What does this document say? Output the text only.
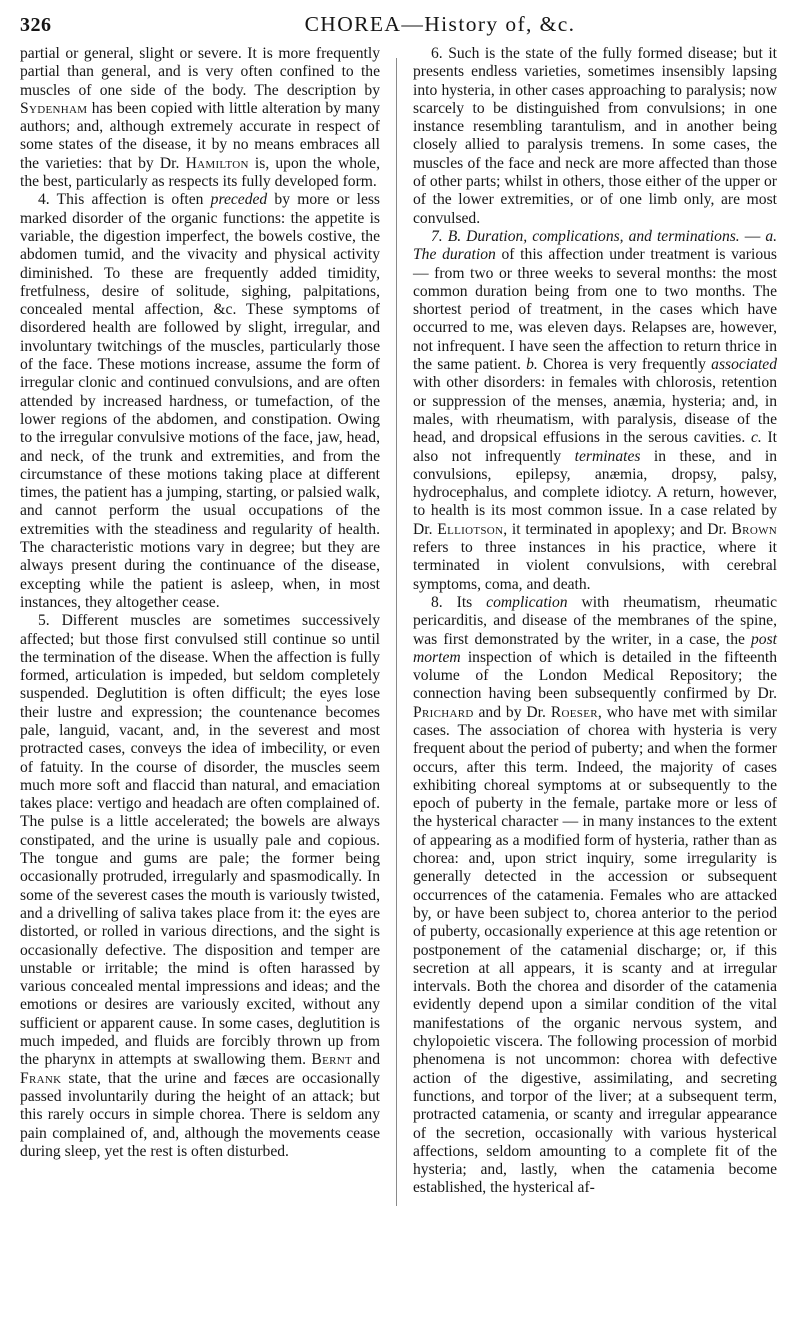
326	CHOREA—History of, &c.

partial or general, slight or severe. It is more frequently partial than general, and is very often confined to the muscles of one side of the body. The description by Sydenham has been copied with little alteration by many authors; and, although extremely accurate in respect of some states of the disease, it by no means embraces all the varieties: that by Dr. Hamilton is, upon the whole, the best, particularly as respects its fully developed form.

4. This affection is often preceded by more or less marked disorder of the organic functions: the appetite is variable, the digestion imperfect, the bowels costive, the abdomen tumid, and the vivacity and physical activity diminished. To these are frequently added timidity, fretfulness, desire of solitude, sighing, palpitations, concealed mental affection, &c. These symptoms of disordered health are followed by slight, irregular, and involuntary twitchings of the muscles, particularly those of the face. These motions increase, assume the form of irregular clonic and continued convulsions, and are often attended by increased hardness, or tumefaction, of the lower regions of the abdomen, and constipation. Owing to the irregular convulsive motions of the face, jaw, head, and neck, of the trunk and extremities, and from the circumstance of these motions taking place at different times, the patient has a jumping, starting, or palsied walk, and cannot perform the usual occupations of the extremities with the steadiness and regularity of health. The characteristic motions vary in degree; but they are always present during the continuance of the disease, excepting while the patient is asleep, when, in most instances, they altogether cease.

5. Different muscles are sometimes successively affected; but those first convulsed still continue so until the termination of the disease. When the affection is fully formed, articulation is impeded, but seldom completely suspended. Deglutition is often difficult; the eyes lose their lustre and expression; the countenance becomes pale, languid, vacant, and, in the severest and most protracted cases, conveys the idea of imbecility, or even of fatuity. In the course of disorder, the muscles seem much more soft and flaccid than natural, and emaciation takes place: vertigo and headach are often complained of. The pulse is a little accelerated; the bowels are always constipated, and the urine is usually pale and copious. The tongue and gums are pale; the former being occasionally protruded, irregularly and spasmodically. In some of the severest cases the mouth is variously twisted, and a drivelling of saliva takes place from it: the eyes are distorted, or rolled in various directions, and the sight is occasionally defective. The disposition and temper are unstable or irritable; the mind is often harassed by various concealed mental impressions and ideas; and the emotions or desires are variously excited, without any sufficient or apparent cause. In some cases, deglutition is much impeded, and fluids are forcibly thrown up from the pharynx in attempts at swallowing them. Bernt and Frank state, that the urine and fæces are occasionally passed involuntarily during the height of an attack; but this rarely occurs in simple chorea. There is seldom any pain complained of, and, although the movements cease during sleep, yet the rest is often disturbed.

6. Such is the state of the fully formed disease; but it presents endless varieties, sometimes insensibly lapsing into hysteria, in other cases approaching to paralysis; now scarcely to be distinguished from convulsions; in one instance resembling tarantulism, and in another being closely allied to paralysis tremens. In some cases, the muscles of the face and neck are more affected than those of other parts; whilst in others, those either of the upper or of the lower extremities, or of one limb only, are most convulsed.

7. B. Duration, complications, and terminations. — a. The duration of this affection under treatment is various — from two or three weeks to several months: the most common duration being from one to two months. The shortest period of treatment, in the cases which have occurred to me, was eleven days. Relapses are, however, not infrequent. I have seen the affection to return thrice in the same patient. b. Chorea is very frequently associated with other disorders: in females with chlorosis, retention or suppression of the menses, anæmia, hysteria; and, in males, with rheumatism, with paralysis, disease of the head, and dropsical effusions in the serous cavities. c. It also not infrequently terminates in these, and in convulsions, epilepsy, anæmia, dropsy, palsy, hydrocephalus, and complete idiotcy. A return, however, to health is its most common issue. In a case related by Dr. Elliotson, it terminated in apoplexy; and Dr. Brown refers to three instances in his practice, where it terminated in violent convulsions, with cerebral symptoms, coma, and death.

8. Its complication with rheumatism, rheumatic pericarditis, and disease of the membranes of the spine, was first demonstrated by the writer, in a case, the post mortem inspection of which is detailed in the fifteenth volume of the London Medical Repository; the connection having been subsequently confirmed by Dr. Prichard and by Dr. Roeser, who have met with similar cases. The association of chorea with hysteria is very frequent about the period of puberty; and when the former occurs, after this term. Indeed, the majority of cases exhibiting choreal symptoms at or subsequently to the epoch of puberty in the female, partake more or less of the hysterical character — in many instances to the extent of appearing as a modified form of hysteria, rather than as chorea: and, upon strict inquiry, some irregularity is generally detected in the accession or subsequent occurrences of the catamenia. Females who are attacked by, or have been subject to, chorea anterior to the period of puberty, occasionally experience at this age retention or postponement of the catamenial discharge; or, if this secretion at all appears, it is scanty and at irregular intervals. Both the chorea and disorder of the catamenia evidently depend upon a similar condition of the vital manifestations of the organic nervous system, and chylopoietic viscera. The following procession of morbid phenomena is not uncommon: chorea with defective action of the digestive, assimilating, and secreting functions, and torpor of the liver; at a subsequent term, protracted catamenia, or scanty and irregular appearance of the secretion, occasionally with various hysterical affections, seldom amounting to a complete fit of the hysteria; and, lastly, when the catamenia become established, the hysterical af-
